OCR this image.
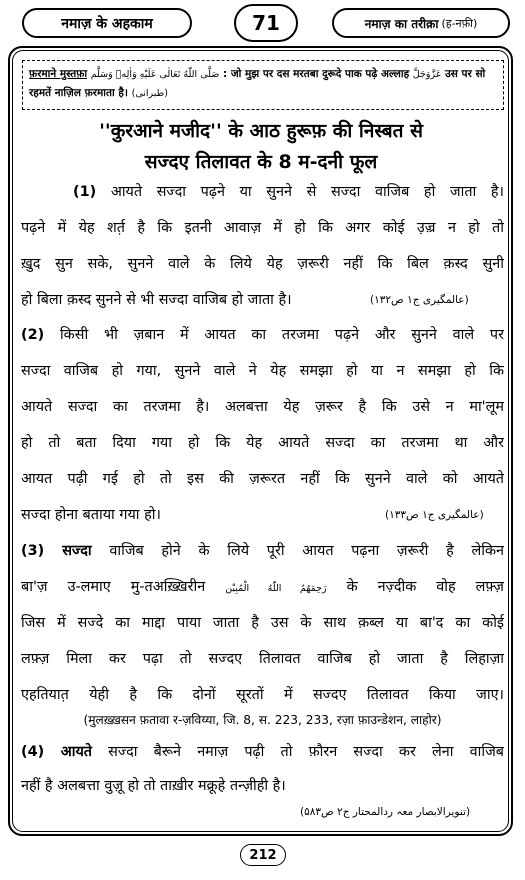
नमाज़ के अहकाम	71	नमाज़ का तरीक़ा (ह-नफ़ी)
फ़रमाने मुस्तफ़ा صَلَّى اللّٰهُ تَعَالٰى عَلَيْهِ وَاٰلِهٖ وَسَلَّم : जो मुझ पर दस मरतबा दुरूदे पाक पढ़े अल्लाह عَزَّوَجَلَّ उस पर सो
रहमतें नाज़िल फ़रमाता है। (طبرانی)
''कुरआने मजीद'' के आठ हुरूफ़ की निस्बत से
सज्दए तिलावत के 8 म-दनी फूल
(1) आयते सज्दा पढ़ने या सुनने से सज्दा वाजिब हो जाता है।
पढ़ने में येह शर्त़ है कि इतनी आवाज़ में हो कि अगर कोई उ़ज़्र न हो तो
ख़ुद सुन सके, सुनने वाले के लिये येह ज़रूरी नहीं कि बिल क़स्द सुनी
हो बिला क़स्द सुनने से भी सज्दा वाजिब हो जाता है।	(عالمگیری ج۱ ص۱۳۲)
(2) किसी भी ज़बान में आयत का तरजमा पढ़ने और सुनने वाले पर
सज्दा वाजिब हो गया, सुनने वाले ने येह समझा हो या न समझा हो कि
आयते सज्दा का तरजमा है। अलबत्ता येह ज़रूर है कि उसे न मा'लूम
हो तो बता दिया गया हो कि येह आयते सज्दा का तरजमा था और
आयत पढ़ी गई हो तो इस की ज़रूरत नहीं कि सुनने वाले को आयते
सज्दा होना बताया गया हो।	(عالمگیری ج۱ ص۱۳۳)
(3) सज्दा वाजिब होने के लिये पूरी आयत पढ़ना ज़रूरी है लेकिन
बा'ज़ उ-लमाए मु-तअख़्ख़िरीन رَحِمَهُمُ اللّٰهُ الْمُبِيْن के नज़्दीक वोह लफ़्ज़
जिस में सज्दे का माद्दा पाया जाता है उस के साथ क़ब्ल या बा'द का कोई
लफ़्ज़ मिला कर पढ़ा तो सज्दए तिलावत वाजिब हो जाता है लिहाज़ा
एहतियात़ येही है कि दोनों सूरतों में सज्दए तिलावत किया जाए।
(मुलख़्ख़सन फ़तावा र-ज़विय्या, जि. 8, स. 223, 233, रज़ा फ़ाउन्डेशन, लाहोर)
(4) आयते सज्दा बैरूने नमाज़ पढ़ी तो फ़ौरन सज्दा कर लेना वाजिब
नहीं है अलबत्ता वुज़ू हो तो ताख़ीर मक्रूहे तन्ज़ीही है।
(تنویرالابصار معہ ردالمحتار ج۲ ص۵۸۳)
212
